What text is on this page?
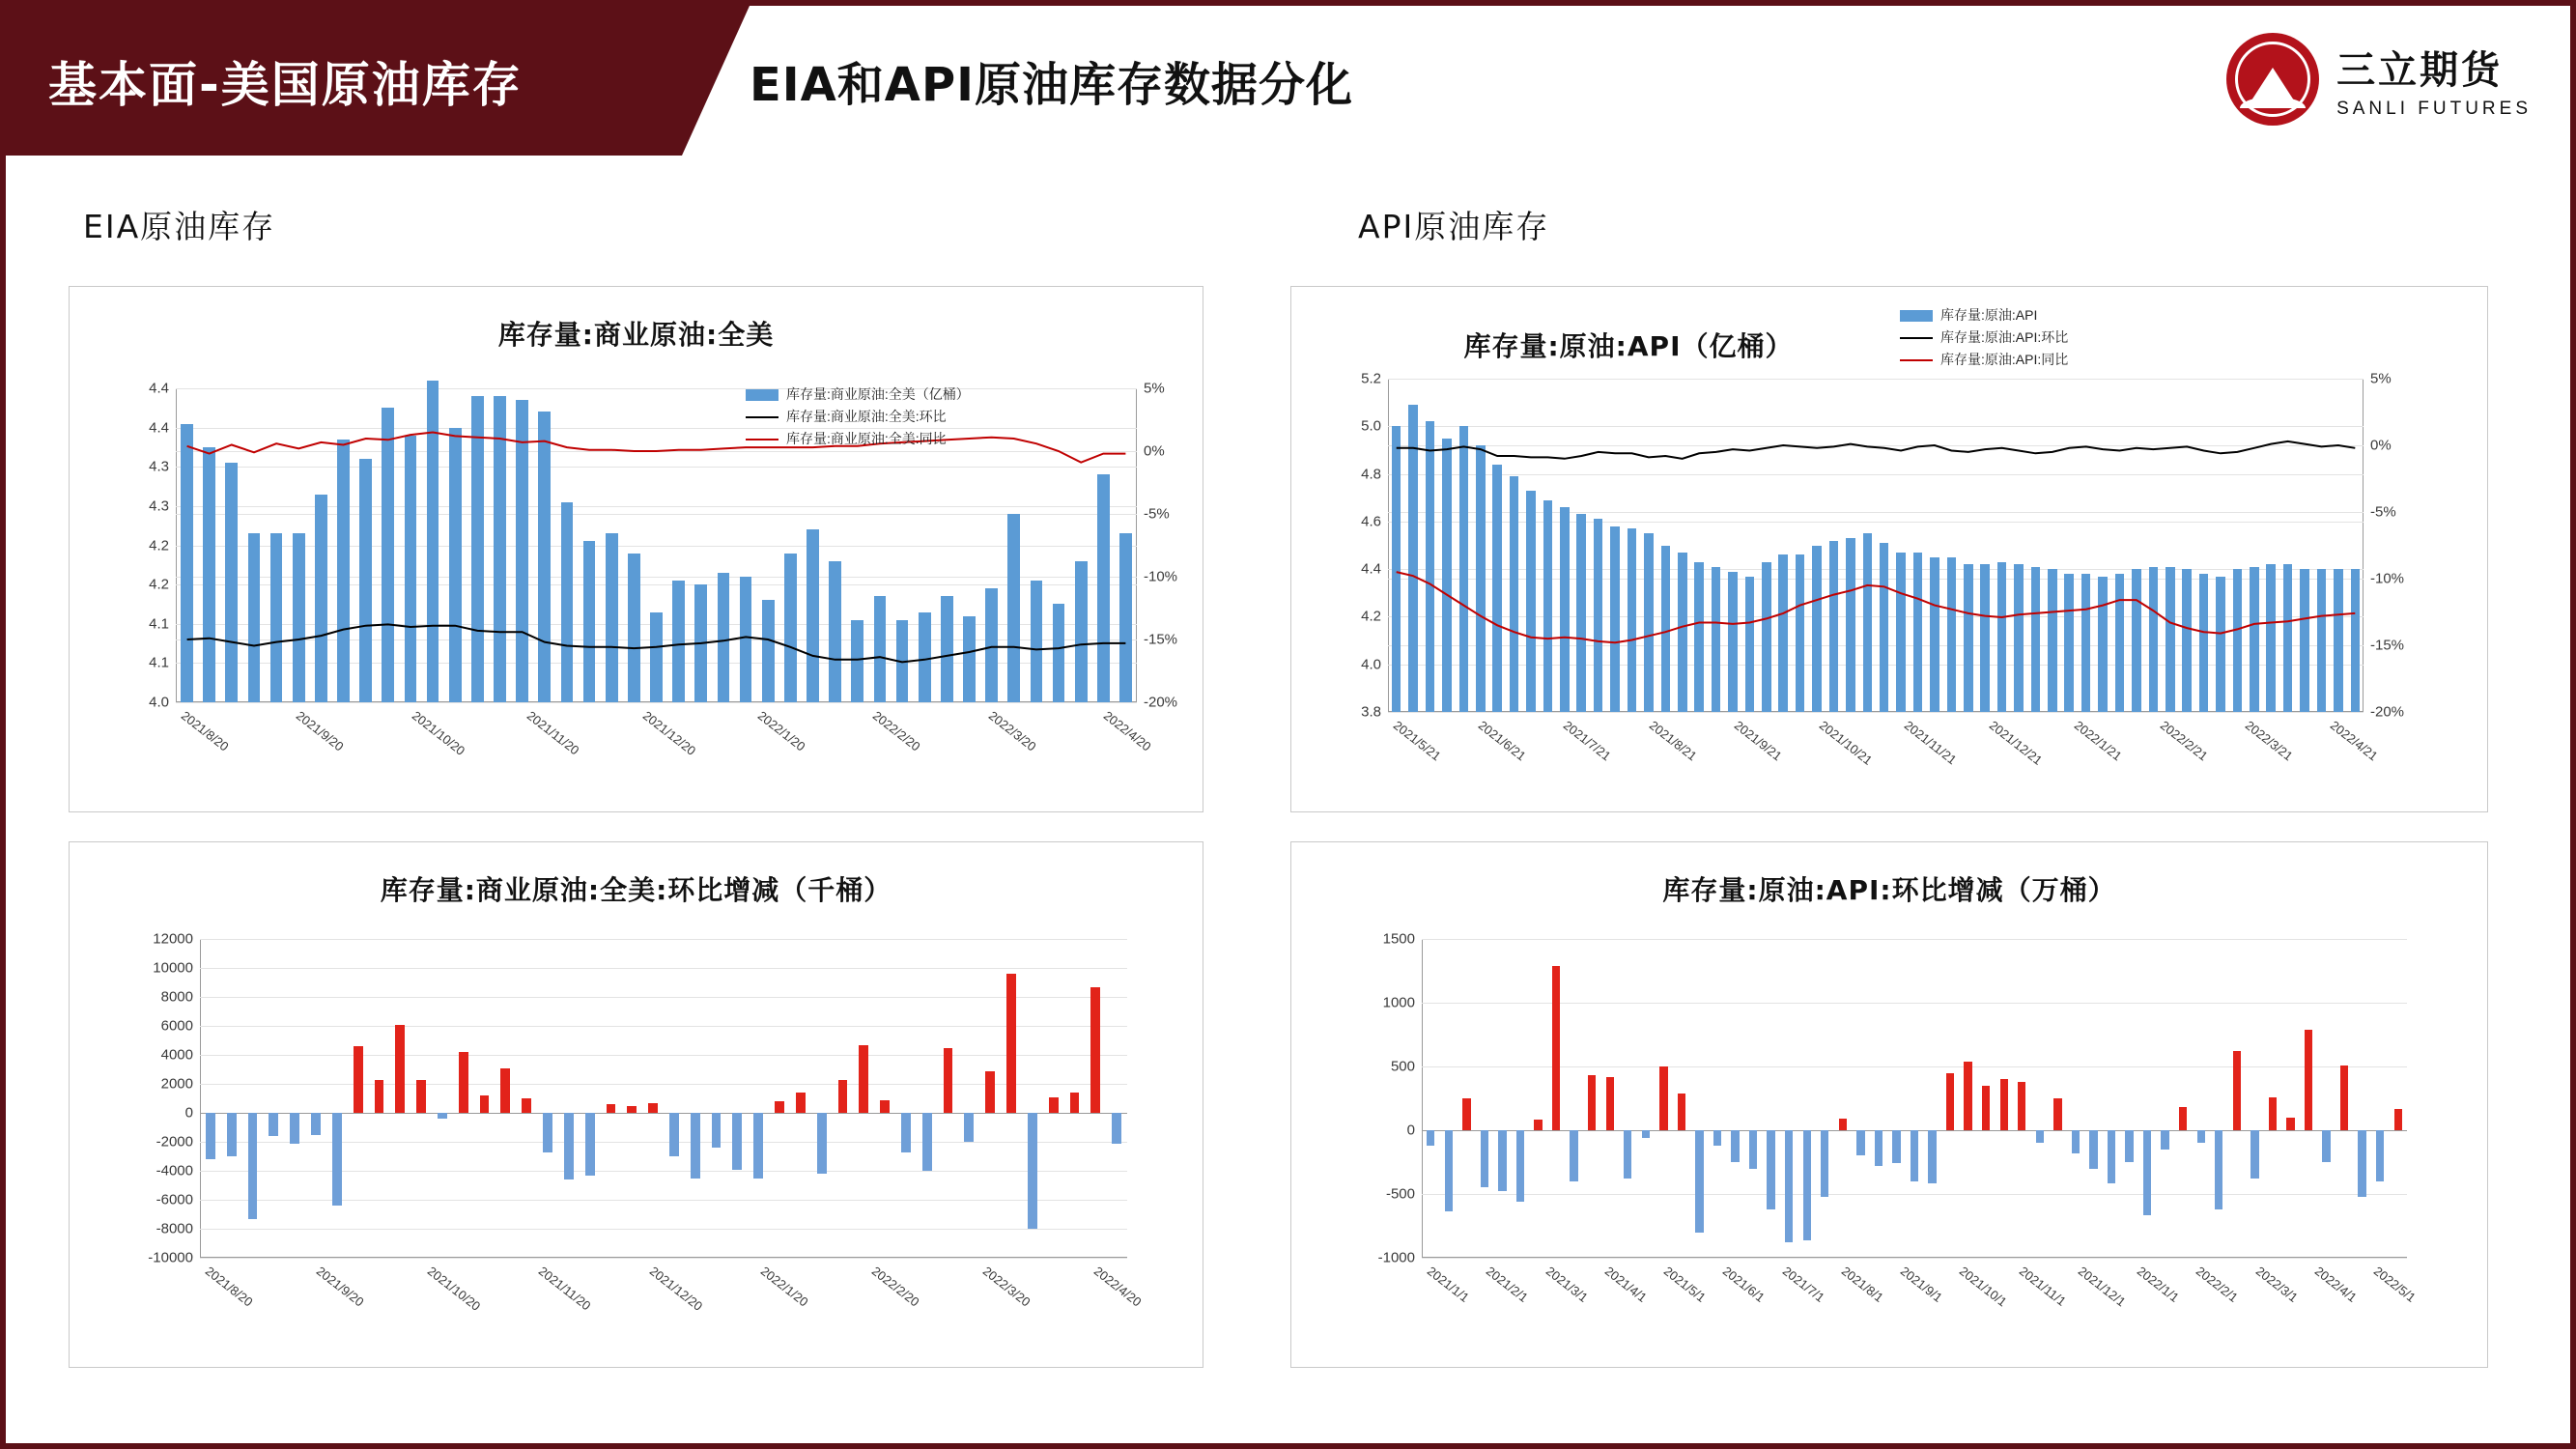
基本面-美国原油库存	EIA和API原油库存数据分化	三立期货
SANLI FUTURES
EIA原油库存	API原油库存
库存量:商业原油:全美
4.4
4.4
4.3
4.3
4.2
4.2
4.1
4.1
4.0
5%
0%
-5%
-10%
-15%
-20%
2021/8/20	2021/9/20	2021/10/20	2021/11/20	2021/12/20	2022/1/20	2022/2/20	2022/3/20	2022/4/20
库存量:商业原油:全美（亿桶）
库存量:商业原油:全美:环比
库存量:商业原油:全美:同比
库存量:原油:API（亿桶）
5.2
5.0
4.8
4.6
4.4
4.2
4.0
3.8
5%
0%
-5%
-10%
-15%
-20%
2021/5/21	2021/6/21	2021/7/21	2021/8/21	2021/9/21	2021/10/21 2021/11/21 2021/12/21 2022/1/21	2022/2/21	2022/3/21	2022/4/21
库存量:原油:API
库存量:原油:API:环比
库存量:原油:API:同比
库存量:商业原油:全美:环比增减（千桶）
12000
10000
8000
6000
4000
2000
0
-2000
-4000
-6000
-8000
-10000
2021/8/20	2021/9/20	2021/10/20	2021/11/20	2021/12/20	2022/1/20	2022/2/20	2022/3/20	2022/4/20
库存量:原油:API:环比增减（万桶）
1500
1000
500
0
-500
-1000
2021/1/1 2021/2/1 2021/3/1 2021/4/1 2021/5/1 2021/6/1 2021/7/1 2021/8/1 2021/9/1 2021/10/1 2021/11/1 2021/12/1 2022/1/1 2022/2/1 2022/3/1 2022/4/1 2022/5/1
